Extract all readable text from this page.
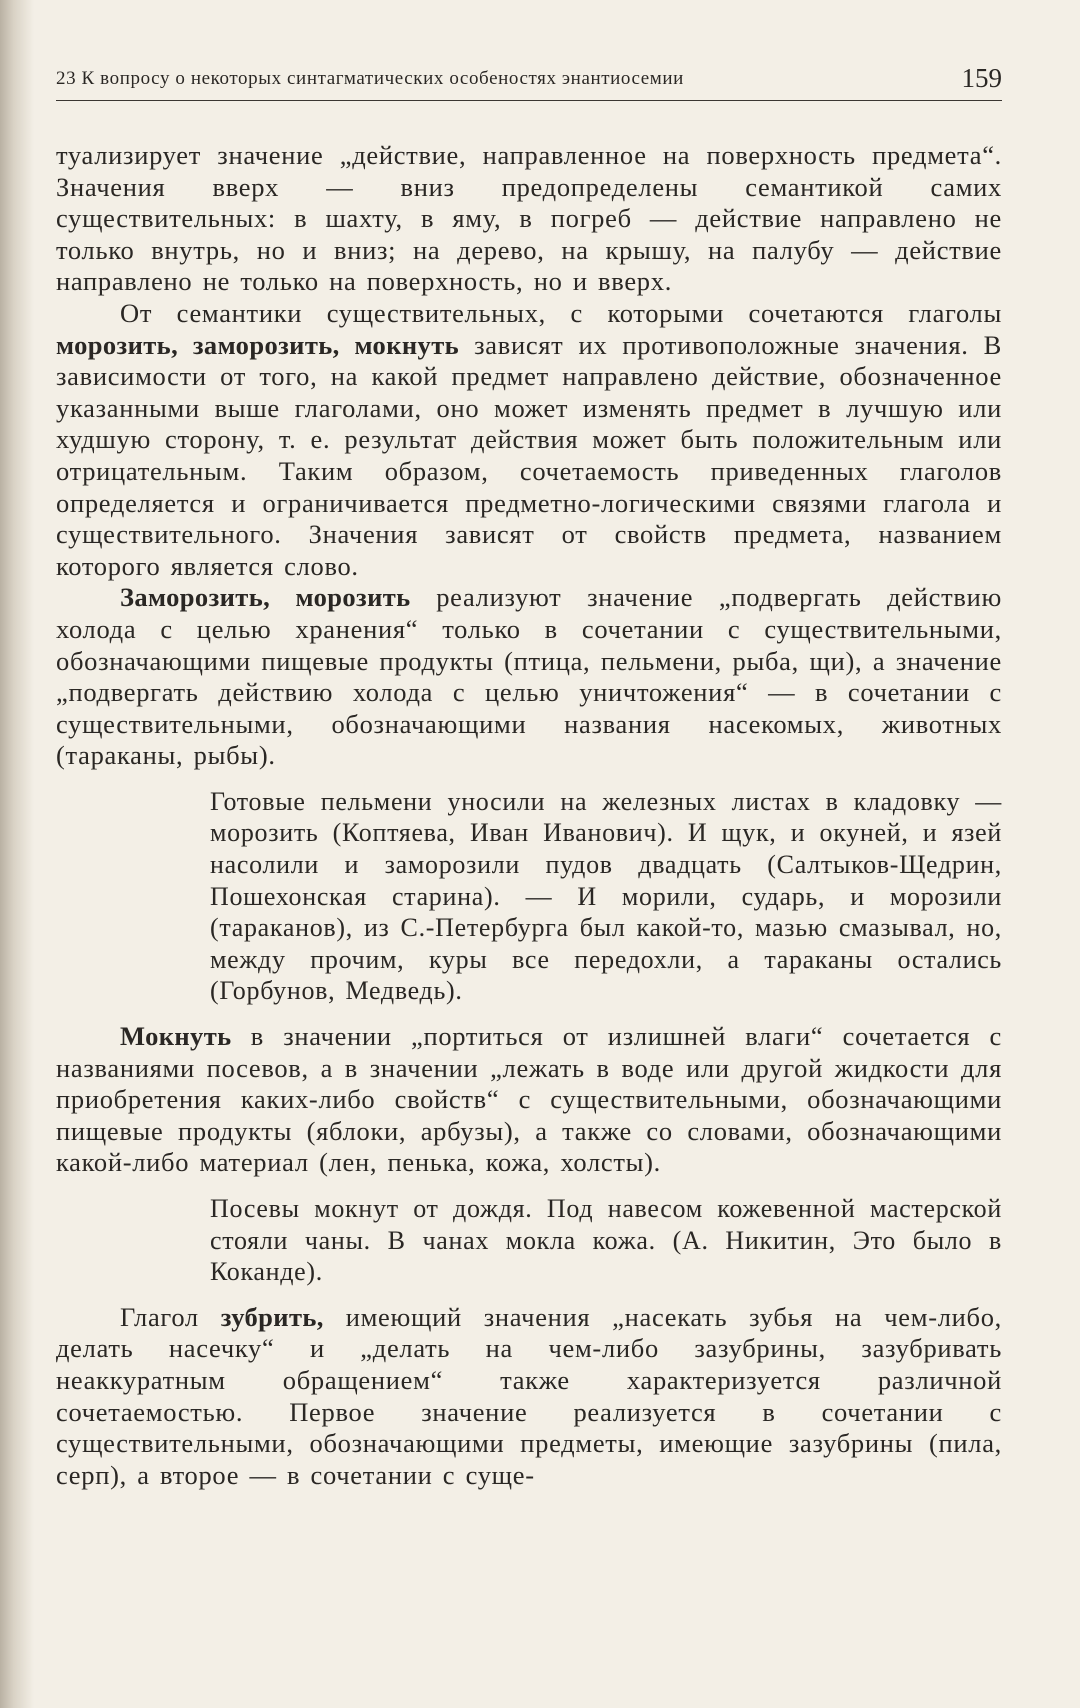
23 К вопросу о некоторых синтагматических особеностях энантиосемии	159

туализирует значение „действие, направленное на поверхность предмета“. Значения вверх — вниз предопределены семантикой самих существительных: в шахту, в яму, в погреб — действие направлено не только внутрь, но и вниз; на дерево, на крышу, на палубу — действие направлено не только на поверхность, но и вверх.

От семантики существительных, с которыми сочетаются глаголы морозить, заморозить, мокнуть зависят их противоположные значения. В зависимости от того, на какой предмет направлено действие, обозначенное указанными выше глаголами, оно может изменять предмет в лучшую или худшую сторону, т. е. результат действия может быть положительным или отрицательным. Таким образом, сочетаемость приведенных глаголов определяется и ограничивается предметно-логическими связями глагола и существительного. Значения зависят от свойств предмета, названием которого является слово.

Заморозить, морозить реализуют значение „подвергать действию холода с целью хранения“ только в сочетании с существительными, обозначающими пищевые продукты (птица, пельмени, рыба, щи), а значение „подвергать действию холода с целью уничтожения“ — в сочетании с существительными, обозначающими названия насекомых, животных (тараканы, рыбы).

Готовые пельмени уносили на железных листах в кладовку — морозить (Коптяева, Иван Иванович). И щук, и окуней, и язей насолили и заморозили пудов двадцать (Салтыков-Щедрин, Пошехонская старина). — И морили, сударь, и морозили (тараканов), из С.-Петербурга был какой-то, мазью смазывал, но, между прочим, куры все передохли, а тараканы остались (Горбунов, Медведь).

Мокнуть в значении „портиться от излишней влаги“ сочетается с названиями посевов, а в значении „лежать в воде или другой жидкости для приобретения каких-либо свойств“ с существительными, обозначающими пищевые продукты (яблоки, арбузы), а также со словами, обозначающими какой-либо материал (лен, пенька, кожа, холсты).

Посевы мокнут от дождя. Под навесом кожевенной мастерской стояли чаны. В чанах мокла кожа. (А. Никитин, Это было в Коканде).

Глагол зубрить, имеющий значения „насекать зубья на чем-либо, делать насечку“ и „делать на чем-либо зазубрины, зазубривать неаккуратным обращением“ также характеризуется различной сочетаемостью. Первое значение реализуется в сочетании с существительными, обозначающими предметы, имеющие зазубрины (пила, серп), а второе — в сочетании с суще-
